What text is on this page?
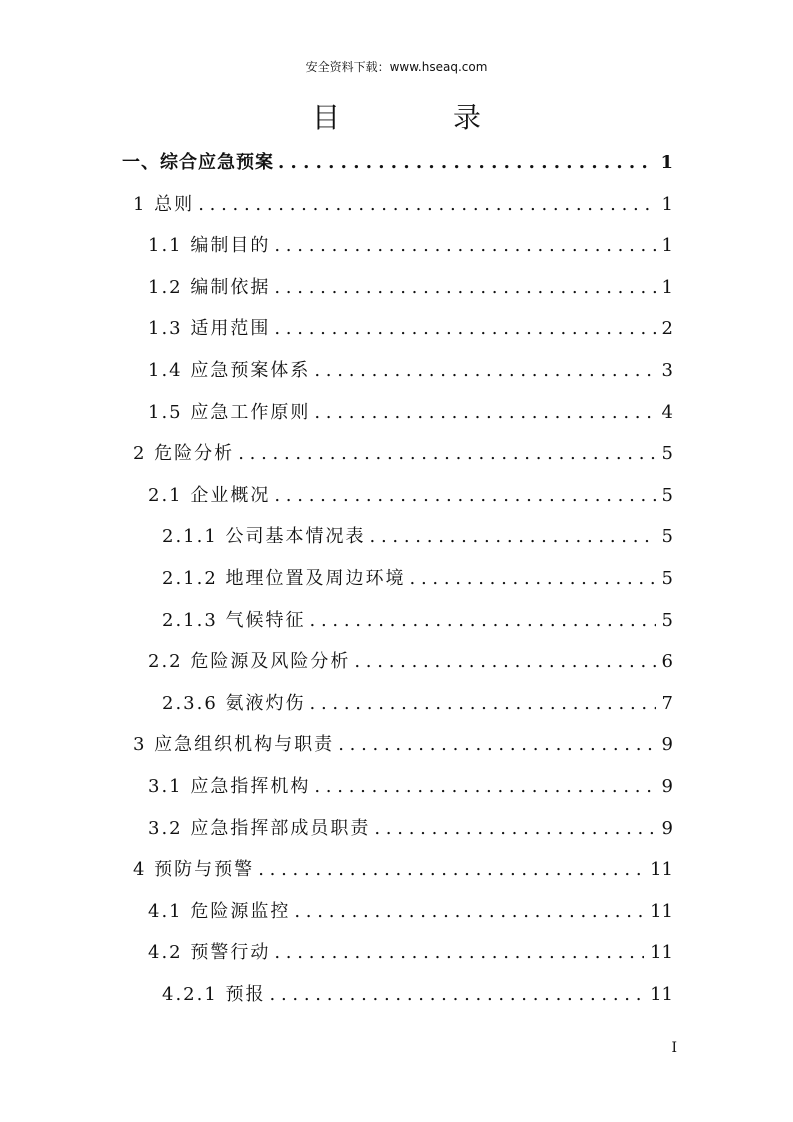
安全资料下载：www.hseaq.com
目 录
一、综合应急预案 . . .	1
1 总则 . . .	1
1.1 编制目的 . . .	1
1.2 编制依据 . . .	1
1.3 适用范围 . . .	2
1.4 应急预案体系 . . .	3
1.5 应急工作原则 . . .	4
2 危险分析 . . .	5
2.1 企业概况 . . .	5
2.1.1 公司基本情况表 . . .	5
2.1.2 地理位置及周边环境 . . .	5
2.1.3 气候特征 . . .	5
2.2 危险源及风险分析 . . .	6
2.3.6 氨液灼伤 . . .	7
3 应急组织机构与职责 . . .	9
3.1 应急指挥机构 . . .	9
3.2 应急指挥部成员职责 . . .	9
4 预防与预警 . . .	11
4.1 危险源监控 . . .	11
4.2 预警行动 . . .	11
4.2.1 预报 . . .	11
I
